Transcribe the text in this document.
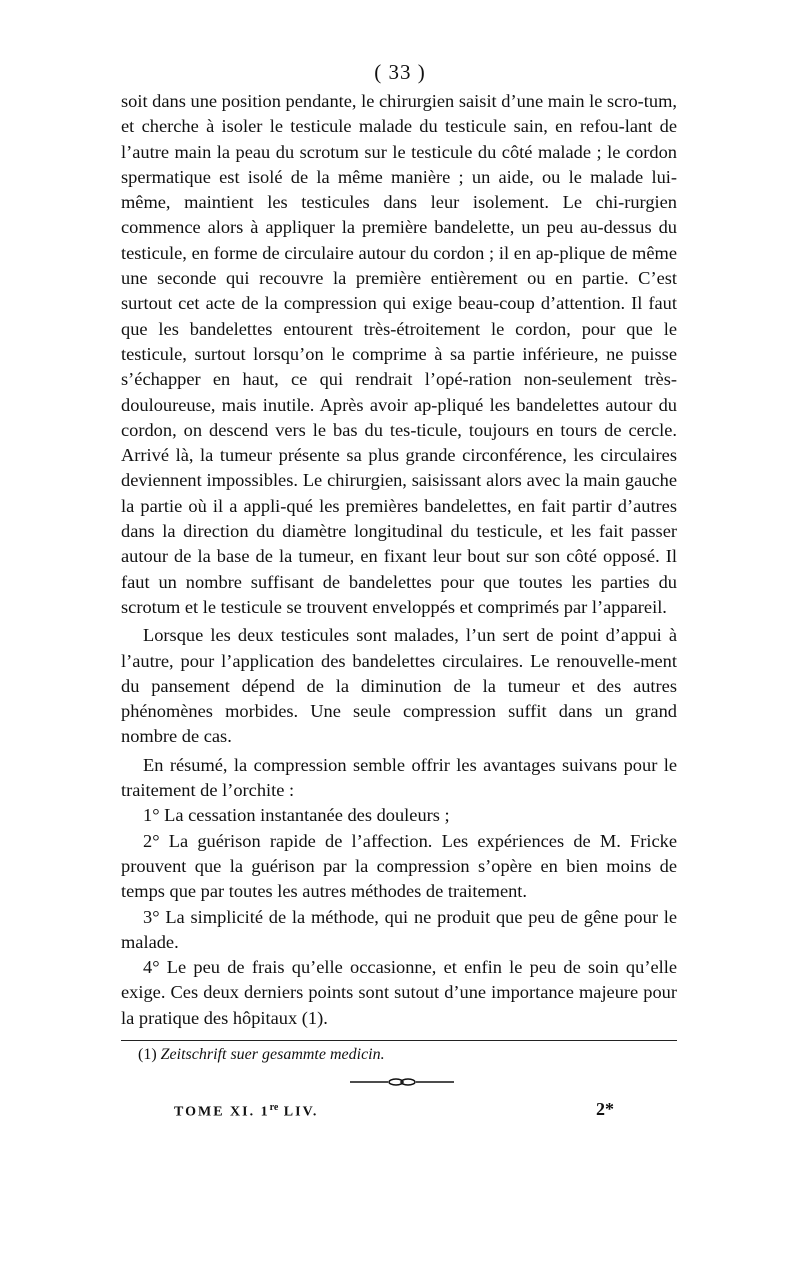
( 33 )

soit dans une position pendante, le chirurgien saisit d’une main le scro-tum, et cherche à isoler le testicule malade du testicule sain, en refou-lant de l’autre main la peau du scrotum sur le testicule du côté malade ; le cordon spermatique est isolé de la même manière ; un aide, ou le malade lui-même, maintient les testicules dans leur isolement. Le chi-rurgien commence alors à appliquer la première bandelette, un peu au-dessus du testicule, en forme de circulaire autour du cordon ; il en ap-plique de même une seconde qui recouvre la première entièrement ou en partie. C’est surtout cet acte de la compression qui exige beau-coup d’attention. Il faut que les bandelettes entourent très-étroitement le cordon, pour que le testicule, surtout lorsqu’on le comprime à sa partie inférieure, ne puisse s’échapper en haut, ce qui rendrait l’opé-ration non-seulement très-douloureuse, mais inutile. Après avoir ap-pliqué les bandelettes autour du cordon, on descend vers le bas du tes-ticule, toujours en tours de cercle. Arrivé là, la tumeur présente sa plus grande circonférence, les circulaires deviennent impossibles. Le chirurgien, saisissant alors avec la main gauche la partie où il a appli-qué les premières bandelettes, en fait partir d’autres dans la direction du diamètre longitudinal du testicule, et les fait passer autour de la base de la tumeur, en fixant leur bout sur son côté opposé. Il faut un nombre suffisant de bandelettes pour que toutes les parties du scrotum et le testicule se trouvent enveloppés et comprimés par l’appareil.

Lorsque les deux testicules sont malades, l’un sert de point d’appui à l’autre, pour l’application des bandelettes circulaires. Le renouvelle-ment du pansement dépend de la diminution de la tumeur et des autres phénomènes morbides. Une seule compression suffit dans un grand nombre de cas.

En résumé, la compression semble offrir les avantages suivans pour le traitement de l’orchite :

1° La cessation instantanée des douleurs ;

2° La guérison rapide de l’affection. Les expériences de M. Fricke prouvent que la guérison par la compression s’opère en bien moins de temps que par toutes les autres méthodes de traitement.

3° La simplicité de la méthode, qui ne produit que peu de gêne pour le malade.

4° Le peu de frais qu’elle occasionne, et enfin le peu de soin qu’elle exige. Ces deux derniers points sont sutout d’une importance majeure pour la pratique des hôpitaux (1).

(1) Zeitschrift suer gesammte medicin.
TOME XI. 1re LIV.	2*
